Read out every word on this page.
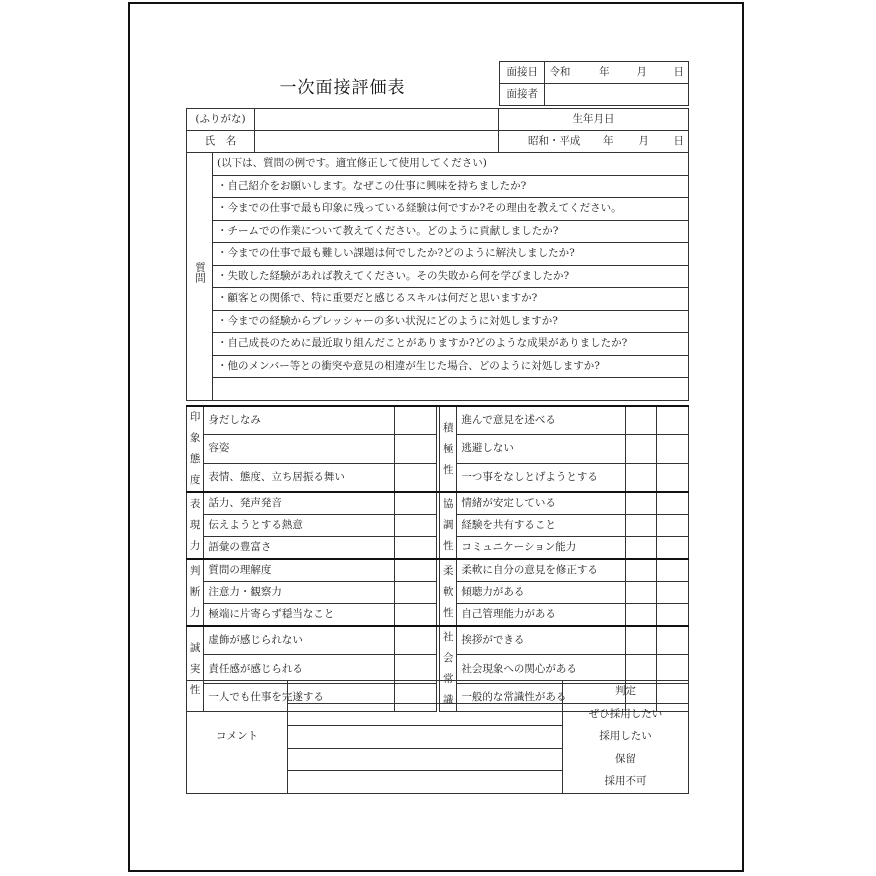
一次面接評価表
面接日	令和 年 月 日
面接者	
(ふりがな)		生年月日
氏　名		昭和・平成 年 月 日
質問	(以下は、質問の例です。適宜修正して使用してください)
・自己紹介をお願いします。なぜこの仕事に興味を持ちましたか?
・今までの仕事で最も印象に残っている経験は何ですか?その理由を教えてください。
・チームでの作業について教えてください。どのように貢献しましたか?
・今までの仕事で最も難しい課題は何でしたか?どのように解決しましたか?
・失敗した経験があれば教えてください。その失敗から何を学びましたか?
・顧客との関係で、特に重要だと感じるスキルは何だと思いますか?
・今までの経験からプレッシャーの多い状況にどのように対処しますか?
・自己成長のために最近取り組んだことがありますか?どのような成果がありましたか?
・他のメンバー等との衝突や意見の相違が生じた場合、どのように対処しますか?

印象態度	身だしなみ			積極性	進んで意見を述べる		
	容姿				逃避しない		
	表情、態度、立ち居振る舞い				一つ事をなしとげようとする		
表現力	話力、発声発音			協調性	情緒が安定している		
	伝えようとする熱意				経験を共有すること		
	語彙の豊富さ				コミュニケーション能力		
判断力	質問の理解度			柔軟性	柔軟に自分の意見を修正する		
	注意力・観察力				傾聴力がある		
	極端に片寄らず穏当なこと				自己管理能力がある		
誠実性	虚飾が感じられない			社会常識	挨拶ができる		
	責任感が感じられる				社会現象への関心がある		
	一人でも仕事を完遂する				一般的な常識性がある		
コメント		判定
		ぜひ採用したい
		採用したい
		保留
		採用不可
